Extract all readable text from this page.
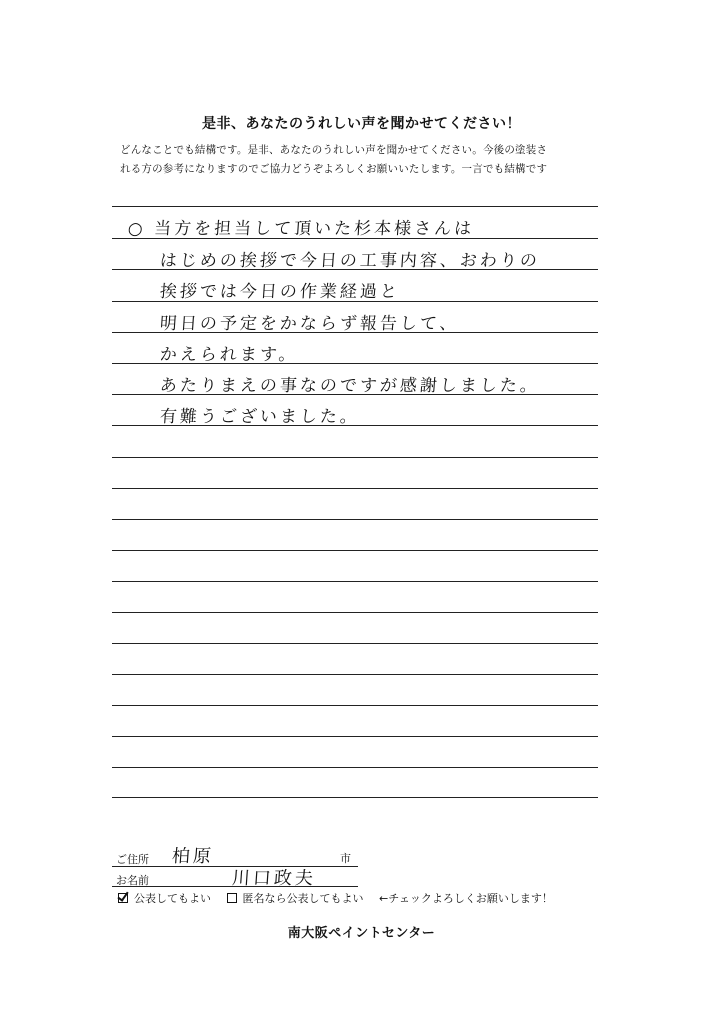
是非、あなたのうれしい声を聞かせてください！
どんなことでも結構です。是非、あなたのうれしい声を聞かせてください。今後の塗装さ
れる方の参考になりますのでご協力どうぞよろしくお願いいたします。一言でも結構です
○ 当方を担当して頂いた杉本様さんは
はじめの挨拶で今日の工事内容、おわりの
挨拶では今日の作業経過と
明日の予定をかならず報告して、
かえられます。
あたりまえの事なのですが感謝しました。
有難うございました。
ご住所 柏原	市
お名前	川口政夫
公表してもよい	匿名なら公表してもよい ←チェックよろしくお願いします！
南大阪ペイントセンター
